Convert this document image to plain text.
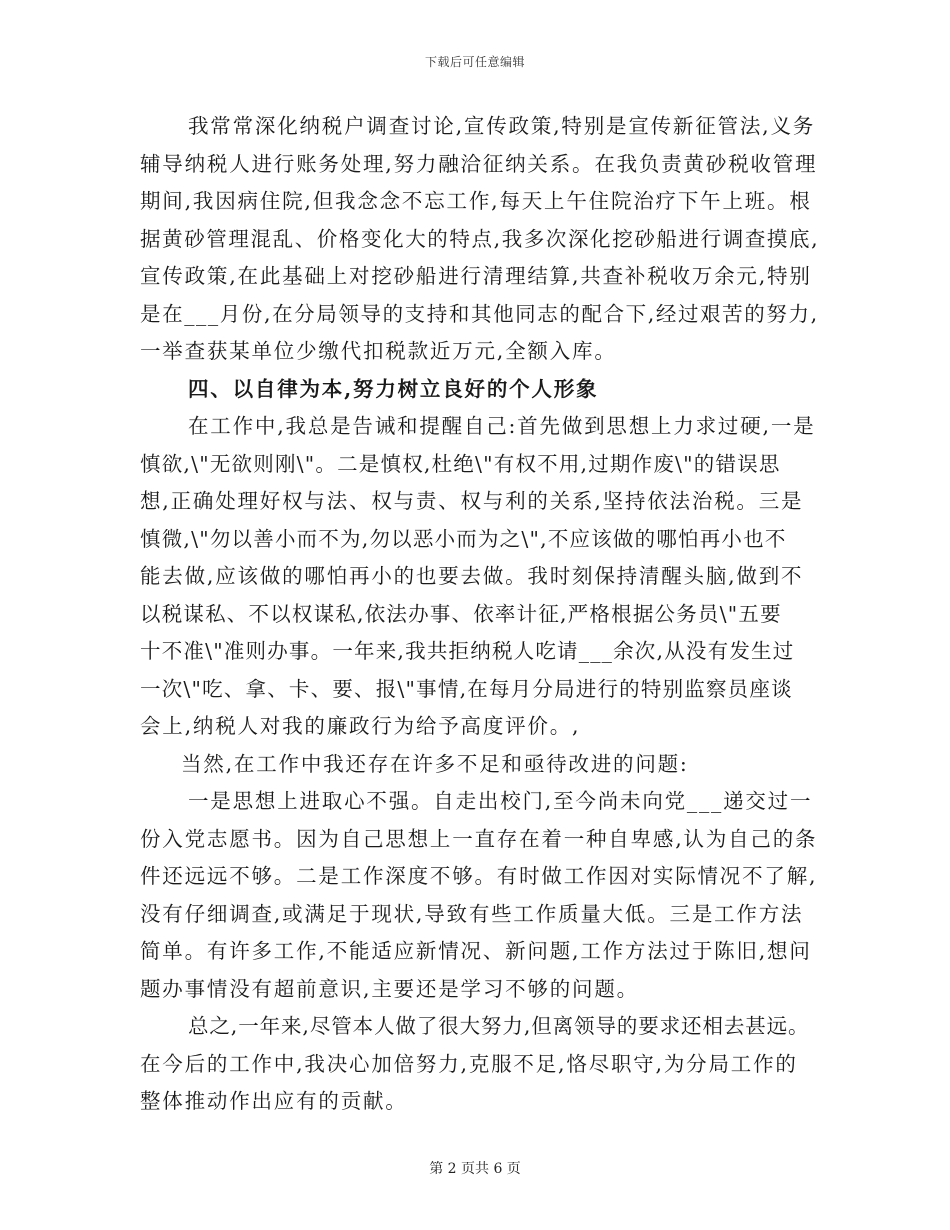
下载后可任意编辑
我常常深化纳税户调查讨论,宣传政策,特别是宣传新征管法,义务
辅导纳税人进行账务处理,努力融洽征纳关系。在我负责黄砂税收管理
期间,我因病住院,但我念念不忘工作,每天上午住院治疗下午上班。根
据黄砂管理混乱、价格变化大的特点,我多次深化挖砂船进行调查摸底,
宣传政策,在此基础上对挖砂船进行清理结算,共查补税收万余元,特别
是在___月份,在分局领导的支持和其他同志的配合下,经过艰苦的努力,
一举查获某单位少缴代扣税款近万元,全额入库。
四、以自律为本,努力树立良好的个人形象
在工作中,我总是告诫和提醒自己:首先做到思想上力求过硬,一是
慎欲,\"无欲则刚\"。二是慎权,杜绝\"有权不用,过期作废\"的错误思
想,正确处理好权与法、权与责、权与利的关系,坚持依法治税。三是
慎微,\"勿以善小而不为,勿以恶小而为之\",不应该做的哪怕再小也不
能去做,应该做的哪怕再小的也要去做。我时刻保持清醒头脑,做到不
以税谋私、不以权谋私,依法办事、依率计征,严格根据公务员\"五要
十不准\"准则办事。一年来,我共拒纳税人吃请___余次,从没有发生过
一次\"吃、拿、卡、要、报\"事情,在每月分局进行的特别监察员座谈
会上,纳税人对我的廉政行为给予高度评价。,
当然,在工作中我还存在许多不足和亟待改进的问题:
一是思想上进取心不强。自走出校门,至今尚未向党___递交过一
份入党志愿书。因为自己思想上一直存在着一种自卑感,认为自己的条
件还远远不够。二是工作深度不够。有时做工作因对实际情况不了解,
没有仔细调查,或满足于现状,导致有些工作质量大低。三是工作方法
简单。有许多工作,不能适应新情况、新问题,工作方法过于陈旧,想问
题办事情没有超前意识,主要还是学习不够的问题。
总之,一年来,尽管本人做了很大努力,但离领导的要求还相去甚远。
在今后的工作中,我决心加倍努力,克服不足,恪尽职守,为分局工作的
整体推动作出应有的贡献。
第 2 页共 6 页
